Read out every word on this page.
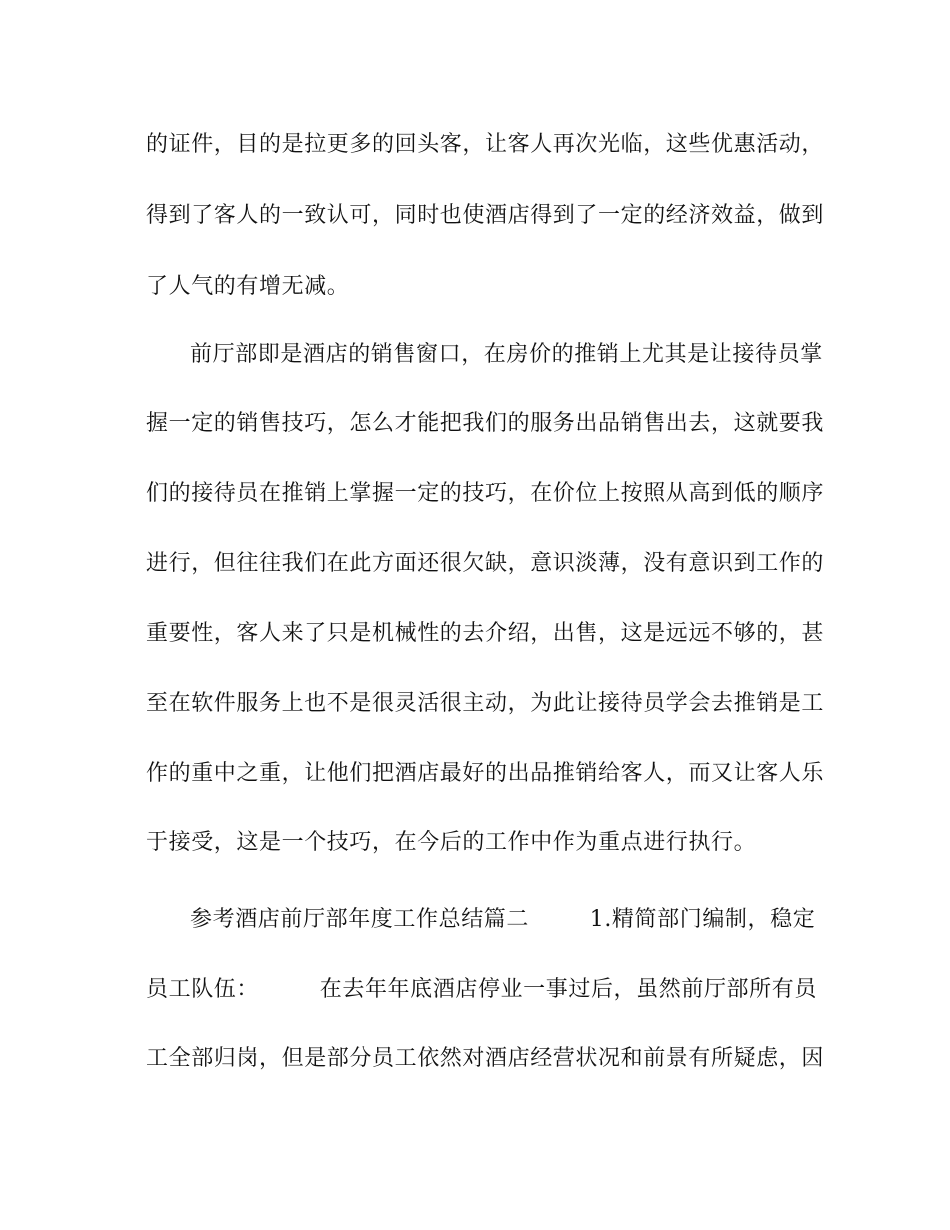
的证件，目的是拉更多的回头客，让客人再次光临，这些优惠活动，
得到了客人的一致认可，同时也使酒店得到了一定的经济效益，做到
了人气的有增无减。
前厅部即是酒店的销售窗口，在房价的推销上尤其是让接待员掌
握一定的销售技巧，怎么才能把我们的服务出品销售出去，这就要我
们的接待员在推销上掌握一定的技巧，在价位上按照从高到低的顺序
进行，但往往我们在此方面还很欠缺，意识淡薄，没有意识到工作的
重要性，客人来了只是机械性的去介绍，出售，这是远远不够的，甚
至在软件服务上也不是很灵活很主动，为此让接待员学会去推销是工
作的重中之重，让他们把酒店最好的出品推销给客人，而又让客人乐
于接受，这是一个技巧，在今后的工作中作为重点进行执行。
参考酒店前厅部年度工作总结篇二        1.精简部门编制，稳定
员工队伍：        在去年年底酒店停业一事过后，虽然前厅部所有员
工全部归岗，但是部分员工依然对酒店经营状况和前景有所疑虑，因
